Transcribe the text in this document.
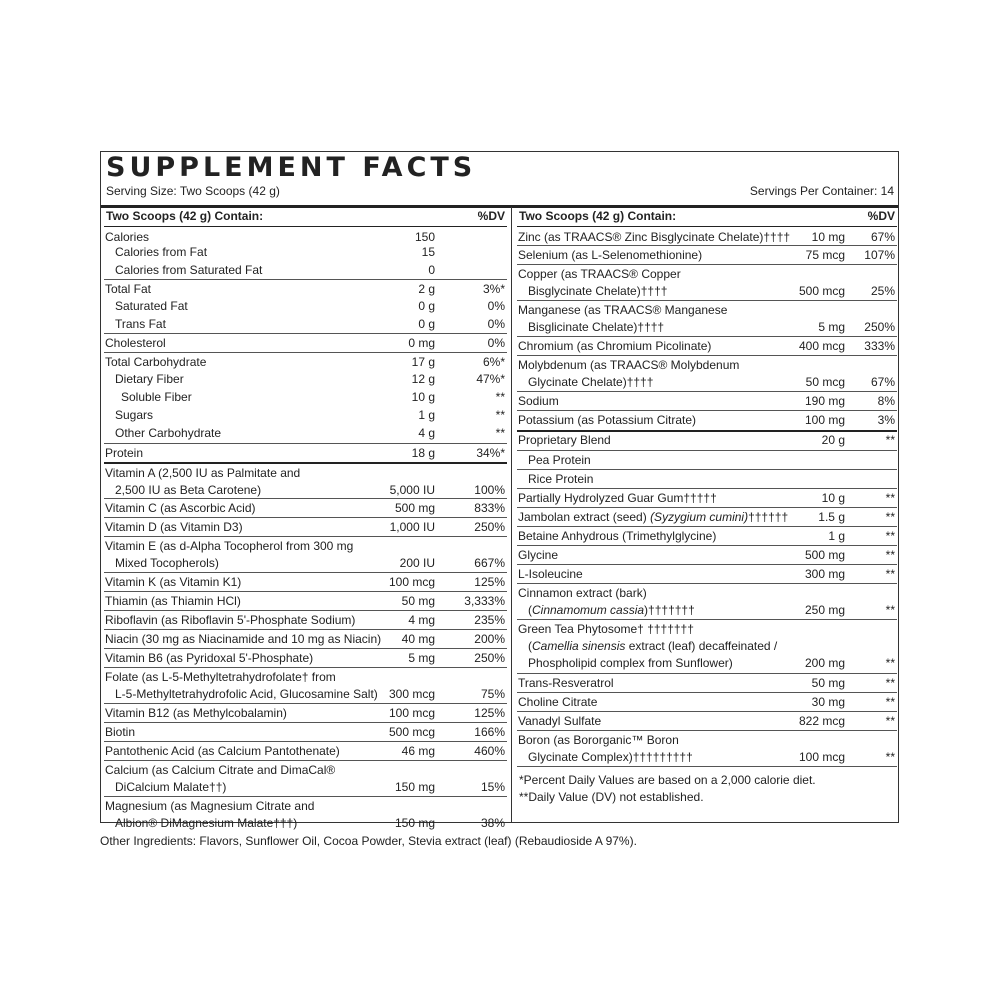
SUPPLEMENT FACTS
Serving Size: Two Scoops (42 g)	Servings Per Container: 14
Two Scoops (42 g) Contain:	%DV
Calories	150
Calories from Fat	15
Calories from Saturated Fat	0
Total Fat	2 g	3%*
Saturated Fat	0 g	0%
Trans Fat	0 g	0%
Cholesterol	0 mg	0%
Total Carbohydrate	17 g	6%*
Dietary Fiber	12 g	47%*
Soluble Fiber	10 g	**
Sugars	1 g	**
Other Carbohydrate	4 g	**
Protein	18 g	34%*
Vitamin A (2,500 IU as Palmitate and
2,500 IU as Beta Carotene)	5,000 IU	100%
Vitamin C (as Ascorbic Acid)	500 mg	833%
Vitamin D (as Vitamin D3)	1,000 IU	250%
Vitamin E (as d-Alpha Tocopherol from 300 mg
Mixed Tocopherols)	200 IU	667%
Vitamin K (as Vitamin K1)	100 mcg	125%
Thiamin (as Thiamin HCl)	50 mg 3,333%
Riboflavin (as Riboflavin 5'-Phosphate Sodium)	4 mg	235%
Niacin (30 mg as Niacinamide and 10 mg as Niacin) 40 mg	200%
Vitamin B6 (as Pyridoxal 5'-Phosphate)	5 mg	250%
Folate (as L-5-Methyltetrahydrofolate† from
L-5-Methyltetrahydrofolic Acid, Glucosamine Salt) 300 mcg	75%
Vitamin B12 (as Methylcobalamin)	100 mcg	125%
Biotin	500 mcg	166%
Pantothenic Acid (as Calcium Pantothenate)	46 mg	460%
Calcium (as Calcium Citrate and DimaCal®
DiCalcium Malate††)	150 mg	15%
Magnesium (as Magnesium Citrate and
Albion® DiMagnesium Malate†††)	150 mg	38%
Two Scoops (42 g) Contain:	%DV
Zinc (as TRAACS® Zinc Bisglycinate Chelate)†††† 10 mg 67%
Selenium (as L-Selenomethionine)	75 mcg 107%
Copper (as TRAACS® Copper
Bisglycinate Chelate)††††	500 mcg 25%
Manganese (as TRAACS® Manganese
Bisglicinate Chelate)††††	5 mg 250%
Chromium (as Chromium Picolinate)	400 mcg 333%
Molybdenum (as TRAACS® Molybdenum
Glycinate Chelate)††††	50 mcg 67%
Sodium	190 mg	8%
Potassium (as Potassium Citrate)	100 mg	3%
Proprietary Blend	20 g	**
Pea Protein
Rice Protein
Partially Hydrolyzed Guar Gum†††††	10 g	**
Jambolan extract (seed) (Syzygium cumini)††††††	1.5 g	**
Betaine Anhydrous (Trimethylglycine)	1 g	**
Glycine	500 mg	**
L-Isoleucine	300 mg	**
Cinnamon extract (bark)
(Cinnamomum cassia)†††††††	250 mg	**
Green Tea Phytosome† †††††††
(Camellia sinensis extract (leaf) decaffeinated /
Phospholipid complex from Sunflower)	200 mg	**
Trans-Resveratrol	50 mg	**
Choline Citrate	30 mg	**
Vanadyl Sulfate	822 mcg	**
Boron (as Bororganic™ Boron
Glycinate Complex)†††††††††	100 mcg	**
*Percent Daily Values are based on a 2,000 calorie diet.
**Daily Value (DV) not established.
Other Ingredients: Flavors, Sunflower Oil, Cocoa Powder, Stevia extract (leaf) (Rebaudioside A 97%).
